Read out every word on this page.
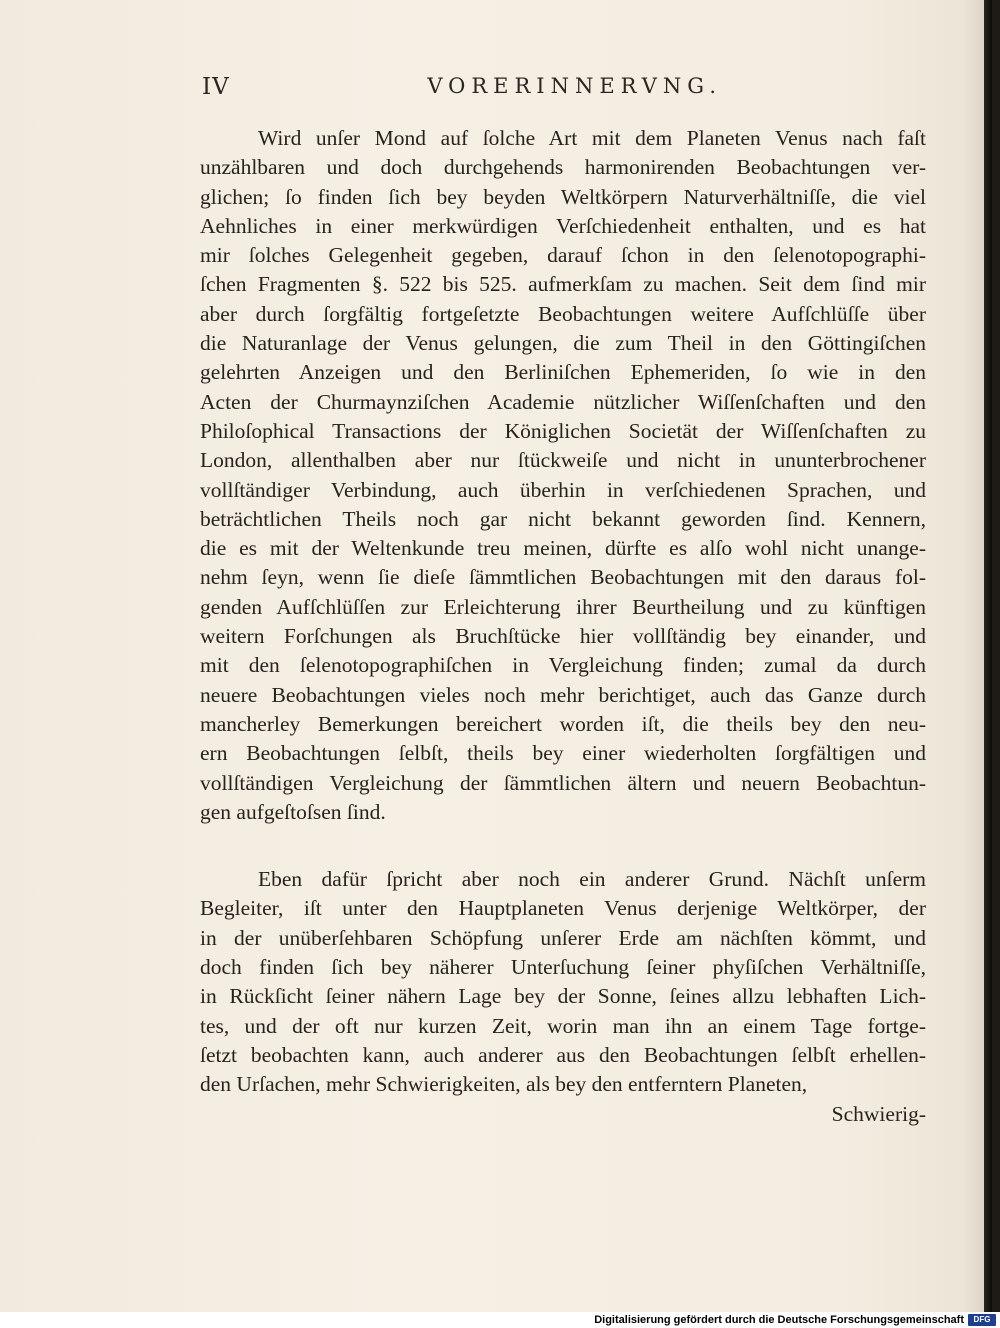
IV	VORERINNERVNG.

Wird unſer Mond auf ſolche Art mit dem Planeten Venus nach faſt
unzählbaren und doch durchgehends harmonirenden Beobachtungen ver-
glichen; ſo finden ſich bey beyden Weltkörpern Naturverhältniſſe, die viel
Aehnliches in einer merkwürdigen Verſchiedenheit enthalten, und es hat
mir ſolches Gelegenheit gegeben, darauf ſchon in den ſelenotopographi-
ſchen Fragmenten §. 522 bis 525. aufmerkſam zu machen. Seit dem ſind mir
aber durch ſorgfältig fortgeſetzte Beobachtungen weitere Aufſchlüſſe über
die Naturanlage der Venus gelungen, die zum Theil in den Göttingiſchen
gelehrten Anzeigen und den Berliniſchen Ephemeriden, ſo wie in den
Acten der Churmaynziſchen Academie nützlicher Wiſſenſchaften und den
Philoſophical Transactions der Königlichen Societät der Wiſſenſchaften zu
London, allenthalben aber nur ſtückweiſe und nicht in ununterbrochener
vollſtändiger Verbindung, auch überhin in verſchiedenen Sprachen, und
beträchtlichen Theils noch gar nicht bekannt geworden ſind. Kennern,
die es mit der Weltenkunde treu meinen, dürfte es alſo wohl nicht unange-
nehm ſeyn, wenn ſie dieſe ſämmtlichen Beobachtungen mit den daraus fol-
genden Aufſchlüſſen zur Erleichterung ihrer Beurtheilung und zu künftigen
weitern Forſchungen als Bruchſtücke hier vollſtändig bey einander, und
mit den ſelenotopographiſchen in Vergleichung finden; zumal da durch
neuere Beobachtungen vieles noch mehr berichtiget, auch das Ganze durch
mancherley Bemerkungen bereichert worden iſt, die theils bey den neu-
ern Beobachtungen ſelbſt, theils bey einer wiederholten ſorgfältigen und
vollſtändigen Vergleichung der ſämmtlichen ältern und neuern Beobachtun-
gen aufgeſtoſsen ſind.

Eben dafür ſpricht aber noch ein anderer Grund. Nächſt unſerm
Begleiter, iſt unter den Hauptplaneten Venus derjenige Weltkörper, der
in der unüberſehbaren Schöpfung unſerer Erde am nächſten kömmt, und
doch finden ſich bey näherer Unterſuchung ſeiner phyſiſchen Verhältniſſe,
in Rückſicht ſeiner nähern Lage bey der Sonne, ſeines allzu lebhaften Lich-
tes, und der oft nur kurzen Zeit, worin man ihn an einem Tage fortge-
ſetzt beobachten kann, auch anderer aus den Beobachtungen ſelbſt erhellen-
den Urſachen, mehr Schwierigkeiten, als bey den entferntern Planeten,

Schwierig-

Digitalisierung gefördert durch die Deutsche Forschungsgemeinschaft	DFG
